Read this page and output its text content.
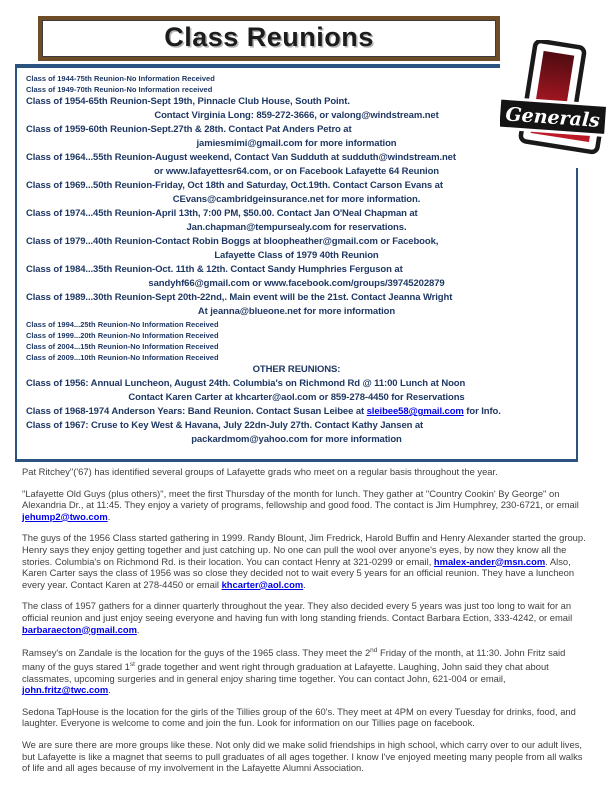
Class Reunions
Generals
Class of 1944-75th Reunion-No Information Received
Class of 1949-70th Reunion-No Information received
Class of 1954-65th Reunion-Sept 19th, Pinnacle Club House, South Point.
Contact Virginia Long: 859-272-3666, or valong@windstream.net
Class of 1959-60th Reunion-Sept.27th & 28th. Contact Pat Anders Petro at
jamiesmimi@gmail.com for more information
Class of 1964...55th Reunion-August weekend, Contact Van Sudduth at sudduth@windstream.net
or www.lafayettesr64.com, or on Facebook Lafayette 64 Reunion
Class of 1969...50th Reunion-Friday, Oct 18th and Saturday, Oct.19th. Contact Carson Evans at
CEvans@cambridgeinsurance.net for more information.
Class of 1974...45th Reunion-April 13th, 7:00 PM, $50.00. Contact Jan O'Neal Chapman at
Jan.chapman@tempursealy.com for reservations.
Class of 1979...40th Reunion-Contact Robin Boggs at bloopheather@gmail.com or Facebook,
Lafayette Class of 1979 40th Reunion
Class of 1984...35th Reunion-Oct. 11th & 12th. Contact Sandy Humphries Ferguson at
sandyhf66@gmail.com or www.facebook.com/groups/39745202879
Class of 1989...30th Reunion-Sept 20th-22nd,. Main event will be the 21st. Contact Jeanna Wright
At jeanna@blueone.net for more information
Class of 1994...25th Reunion-No Information Received
Class of 1999...20th Reunion-No Information Received
Class of 2004...15th Reunion-No Information Received
Class of 2009...10th Reunion-No Information Received
OTHER REUNIONS:
Class of 1956: Annual Luncheon, August 24th. Columbia's on Richmond Rd @ 11:00 Lunch at Noon
Contact Karen Carter at khcarter@aol.com or 859-278-4450 for Reservations
Class of 1968-1974 Anderson Years: Band Reunion. Contact Susan Leibee at sleibee58@gmail.com for Info.
Class of 1967: Cruse to Key West & Havana, July 22dn-July 27th. Contact Kathy Jansen at
packardmom@yahoo.com for more information

Pat Ritchey"('67) has identified several groups of Lafayette grads who meet on a regular basis throughout the year.

"Lafayette Old Guys (plus others)", meet the first Thursday of the month for lunch. They gather at "Country Cookin' By George" on Alexandria Dr., at 11:45. They enjoy a variety of programs, fellowship and good food. The contact is Jim Humphrey, 230-6721, or email jehump2@two.com.

The guys of the 1956 Class started gathering in 1999. Randy Blount, Jim Fredrick, Harold Buffin and Henry Alexander started the group. Henry says they enjoy getting together and just catching up. No one can pull the wool over anyone's eyes, by now they know all the stories. Columbia's on Richmond Rd. is their location. You can contact Henry at 321-0299 or email, hmalex-ander@msn.com. Also, Karen Carter says the class of 1956 was so close they decided not to wait every 5 years for an official reunion. They have a luncheon every year. Contact Karen at 278-4450 or email khcarter@aol.com.

The class of 1957 gathers for a dinner quarterly throughout the year. They also decided every 5 years was just too long to wait for an official reunion and just enjoy seeing everyone and having fun with long standing friends. Contact Barbara Ection, 333-4242, or email barbaraecton@gmail.com.

Ramsey's on Zandale is the location for the guys of the 1965 class. They meet the 2nd Friday of the month, at 11:30. John Fritz said many of the guys stared 1st grade together and went right through graduation at Lafayette. Laughing, John said they chat about classmates, upcoming surgeries and in general enjoy sharing time together. You can contact John, 621-004 or email, john.fritz@twc.com.

Sedona TapHouse is the location for the girls of the Tillies group of the 60's. They meet at 4PM on every Tuesday for drinks, food, and laughter. Everyone is welcome to come and join the fun. Look for information on our Tillies page on facebook.

We are sure there are more groups like these. Not only did we make solid friendships in high school, which carry over to our adult lives, but Lafayette is like a magnet that seems to pull graduates of all ages together. I know I've enjoyed meeting many people from all walks of life and all ages because of my involvement in the Lafayette Alumni Association.
